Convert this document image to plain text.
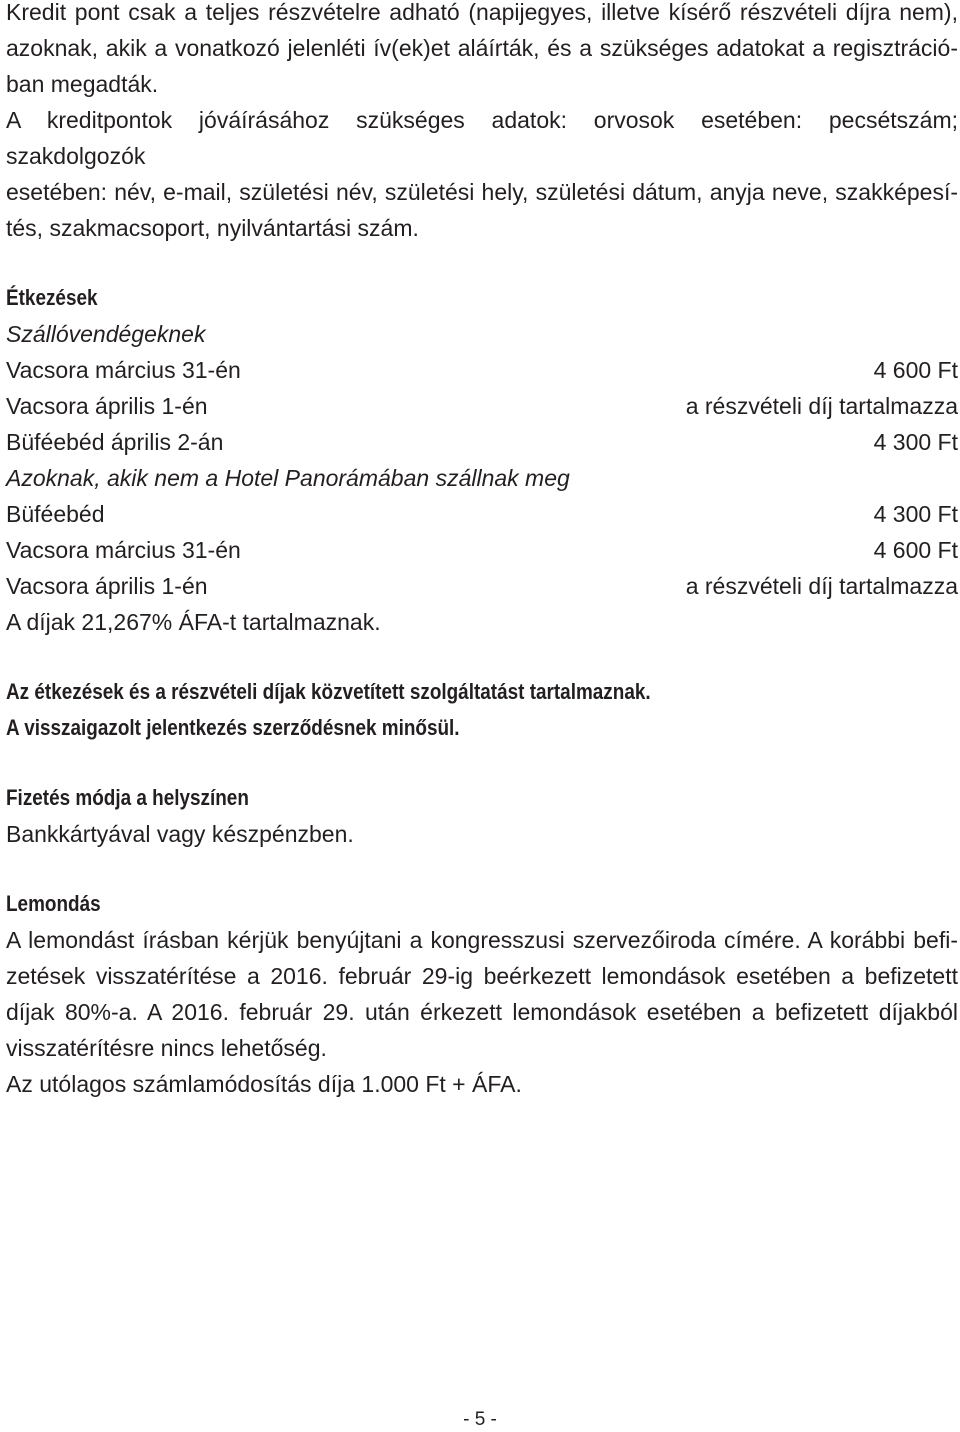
Kredit pont csak a teljes részvételre adható (napijegyes, illetve kísérő részvételi díjra nem),
azoknak, akik a vonatkozó jelenléti ív(ek)et aláírták, és a szükséges adatokat a regisztráció-
ban megadták.
A kreditpontok jóváírásához szükséges adatok: orvosok esetében: pecsétszám; szakdolgozók
esetében: név, e-mail, születési név, születési hely, születési dátum, anyja neve, szakképesí-
tés, szakmacsoport, nyilvántartási szám.
Étkezések
Szállóvendégeknek
Vacsora március 31-én	4 600 Ft
Vacsora április 1-én	a részvételi díj tartalmazza
Büféebéd április 2-án	4 300 Ft
Azoknak, akik nem a Hotel Panorámában szállnak meg
Büféebéd	4 300 Ft
Vacsora március 31-én	4 600 Ft
Vacsora április 1-én	a részvételi díj tartalmazza
A díjak 21,267% ÁFA-t tartalmaznak.
Az étkezések és a részvételi díjak közvetített szolgáltatást tartalmaznak.
A visszaigazolt jelentkezés szerződésnek minősül.
Fizetés módja a helyszínen
Bankkártyával vagy készpénzben.
Lemondás
A lemondást írásban kérjük benyújtani a kongresszusi szervezőiroda címére. A korábbi befi-
zetések visszatérítése a 2016. február 29-ig beérkezett lemondások esetében a befizetett
díjak 80%-a. A 2016. február 29. után érkezett lemondások esetében a befizetett díjakból
visszatérítésre nincs lehetőség.
Az utólagos számlamódosítás díja 1.000 Ft + ÁFA.
- 5 -
